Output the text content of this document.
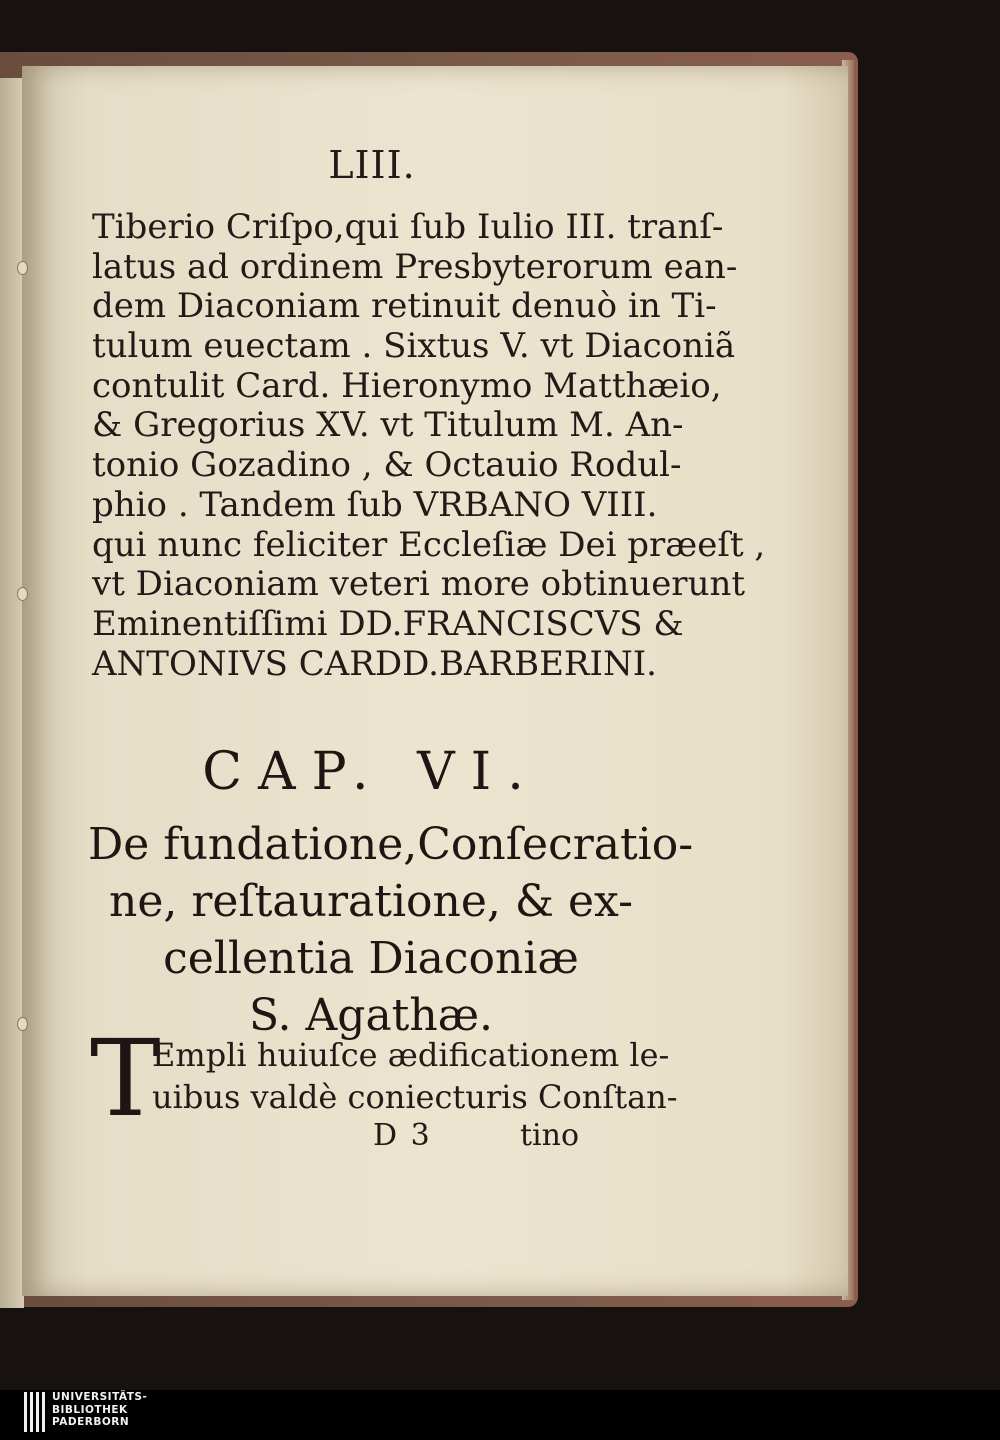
LIII.
Tiberio Criſpo,qui ſub Iulio III. tranſ-
latus ad ordinem Presbyterorum ean-
dem Diaconiam retinuit denuò in Ti-
tulum euectam . Sixtus V. vt Diaconiã
contulit Card. Hieronymo Matthæio,
& Gregorius XV. vt Titulum M. An-
tonio Gozadino , & Octauio Rodul-
phio . Tandem ſub VRBANO VIII.
qui nunc feliciter Eccleſiæ Dei præeſt ,
vt Diaconiam veteri more obtinuerunt
Eminentiſſimi DD.FRANCISCVS &
ANTONIVS CARDD.BARBERINI.
CAP. VI.
De fundatione,Conſecratio-
ne, reſtauratione, & ex-
cellentia Diaconiæ
S. Agathæ.
T
Empli huiuſce ædificationem le-
uibus valdè coniecturis Conſtan-
D 3	tino
UNIVERSITÄTS-
BIBLIOTHEK
PADERBORN
